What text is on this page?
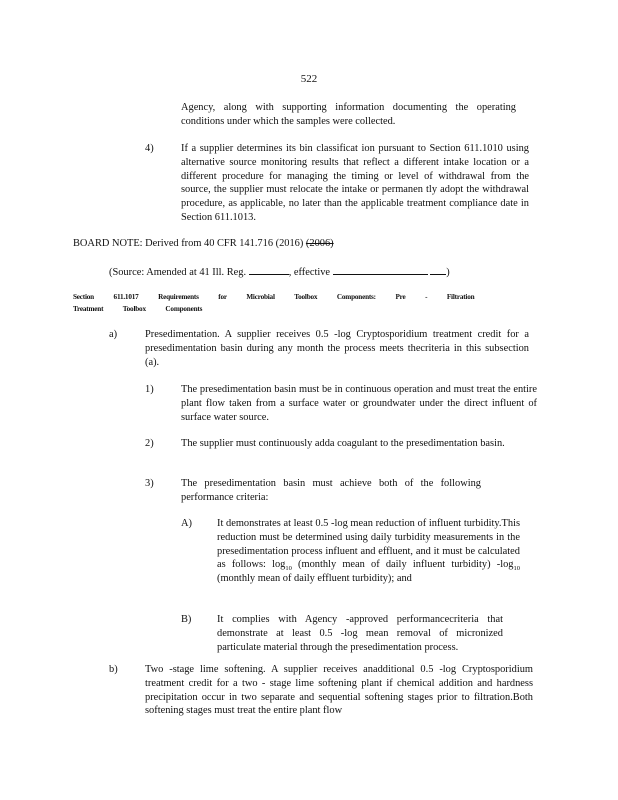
522
Agency, along with supporting information documenting the operating conditions under which the samples were collected.
4)	If a supplier determines its bin classificat ion pursuant to Section 611.1010 using alternative source monitoring results that reflect a different intake location or a different procedure for managing the timing or level of withdrawal from the source, the supplier must relocate the intake or permanen tly adopt the withdrawal procedure, as applicable, no later than the applicable treatment compliance date in Section 611.1013.
BOARD NOTE: Derived from 40 CFR 141.716 (2016) (2006)
(Source: Amended at 41 Ill. Reg.	, effective	)
Section 611.1017 Requirements for Microbial Toolbox Components: Pre - Filtration
Treatment Toolbox Components
a)	Presedimentation. A supplier receives 0.5 -log Cryptosporidium treatment credit for a presedimentation basin during any month the process meets thecriteria in this subsection (a).
1)	The presedimentation basin must be in continuous operation and must treat the entire plant flow taken from a surface water or groundwater under the direct influent of surface water source.
2)	The supplier must continuously adda coagulant to the presedimentation basin.
3)	The presedimentation basin must achieve both of the following performance criteria:
A) It demonstrates at least 0.5 -log mean reduction of influent turbidity.This reduction must be determined using daily turbidity measurements in the presedimentation process influent and effluent, and it must be calculated as follows: $\log_{10}$ (monthly mean of daily influent turbidity) $-\log_{10}$ (monthly mean of daily effluent turbidity); and
B) It complies with Agency -approved performancecriteria that demonstrate at least 0.5 -log mean removal of micronized particulate material through the presedimentation process.
b)	Two -stage lime softening. A supplier receives anadditional 0.5 -log Cryptosporidium treatment credit for a two - stage lime softening plant if chemical addition and hardness precipitation occur in two separate and sequential softening stages prior to filtration.Both softening stages must treat the entire plant flow
